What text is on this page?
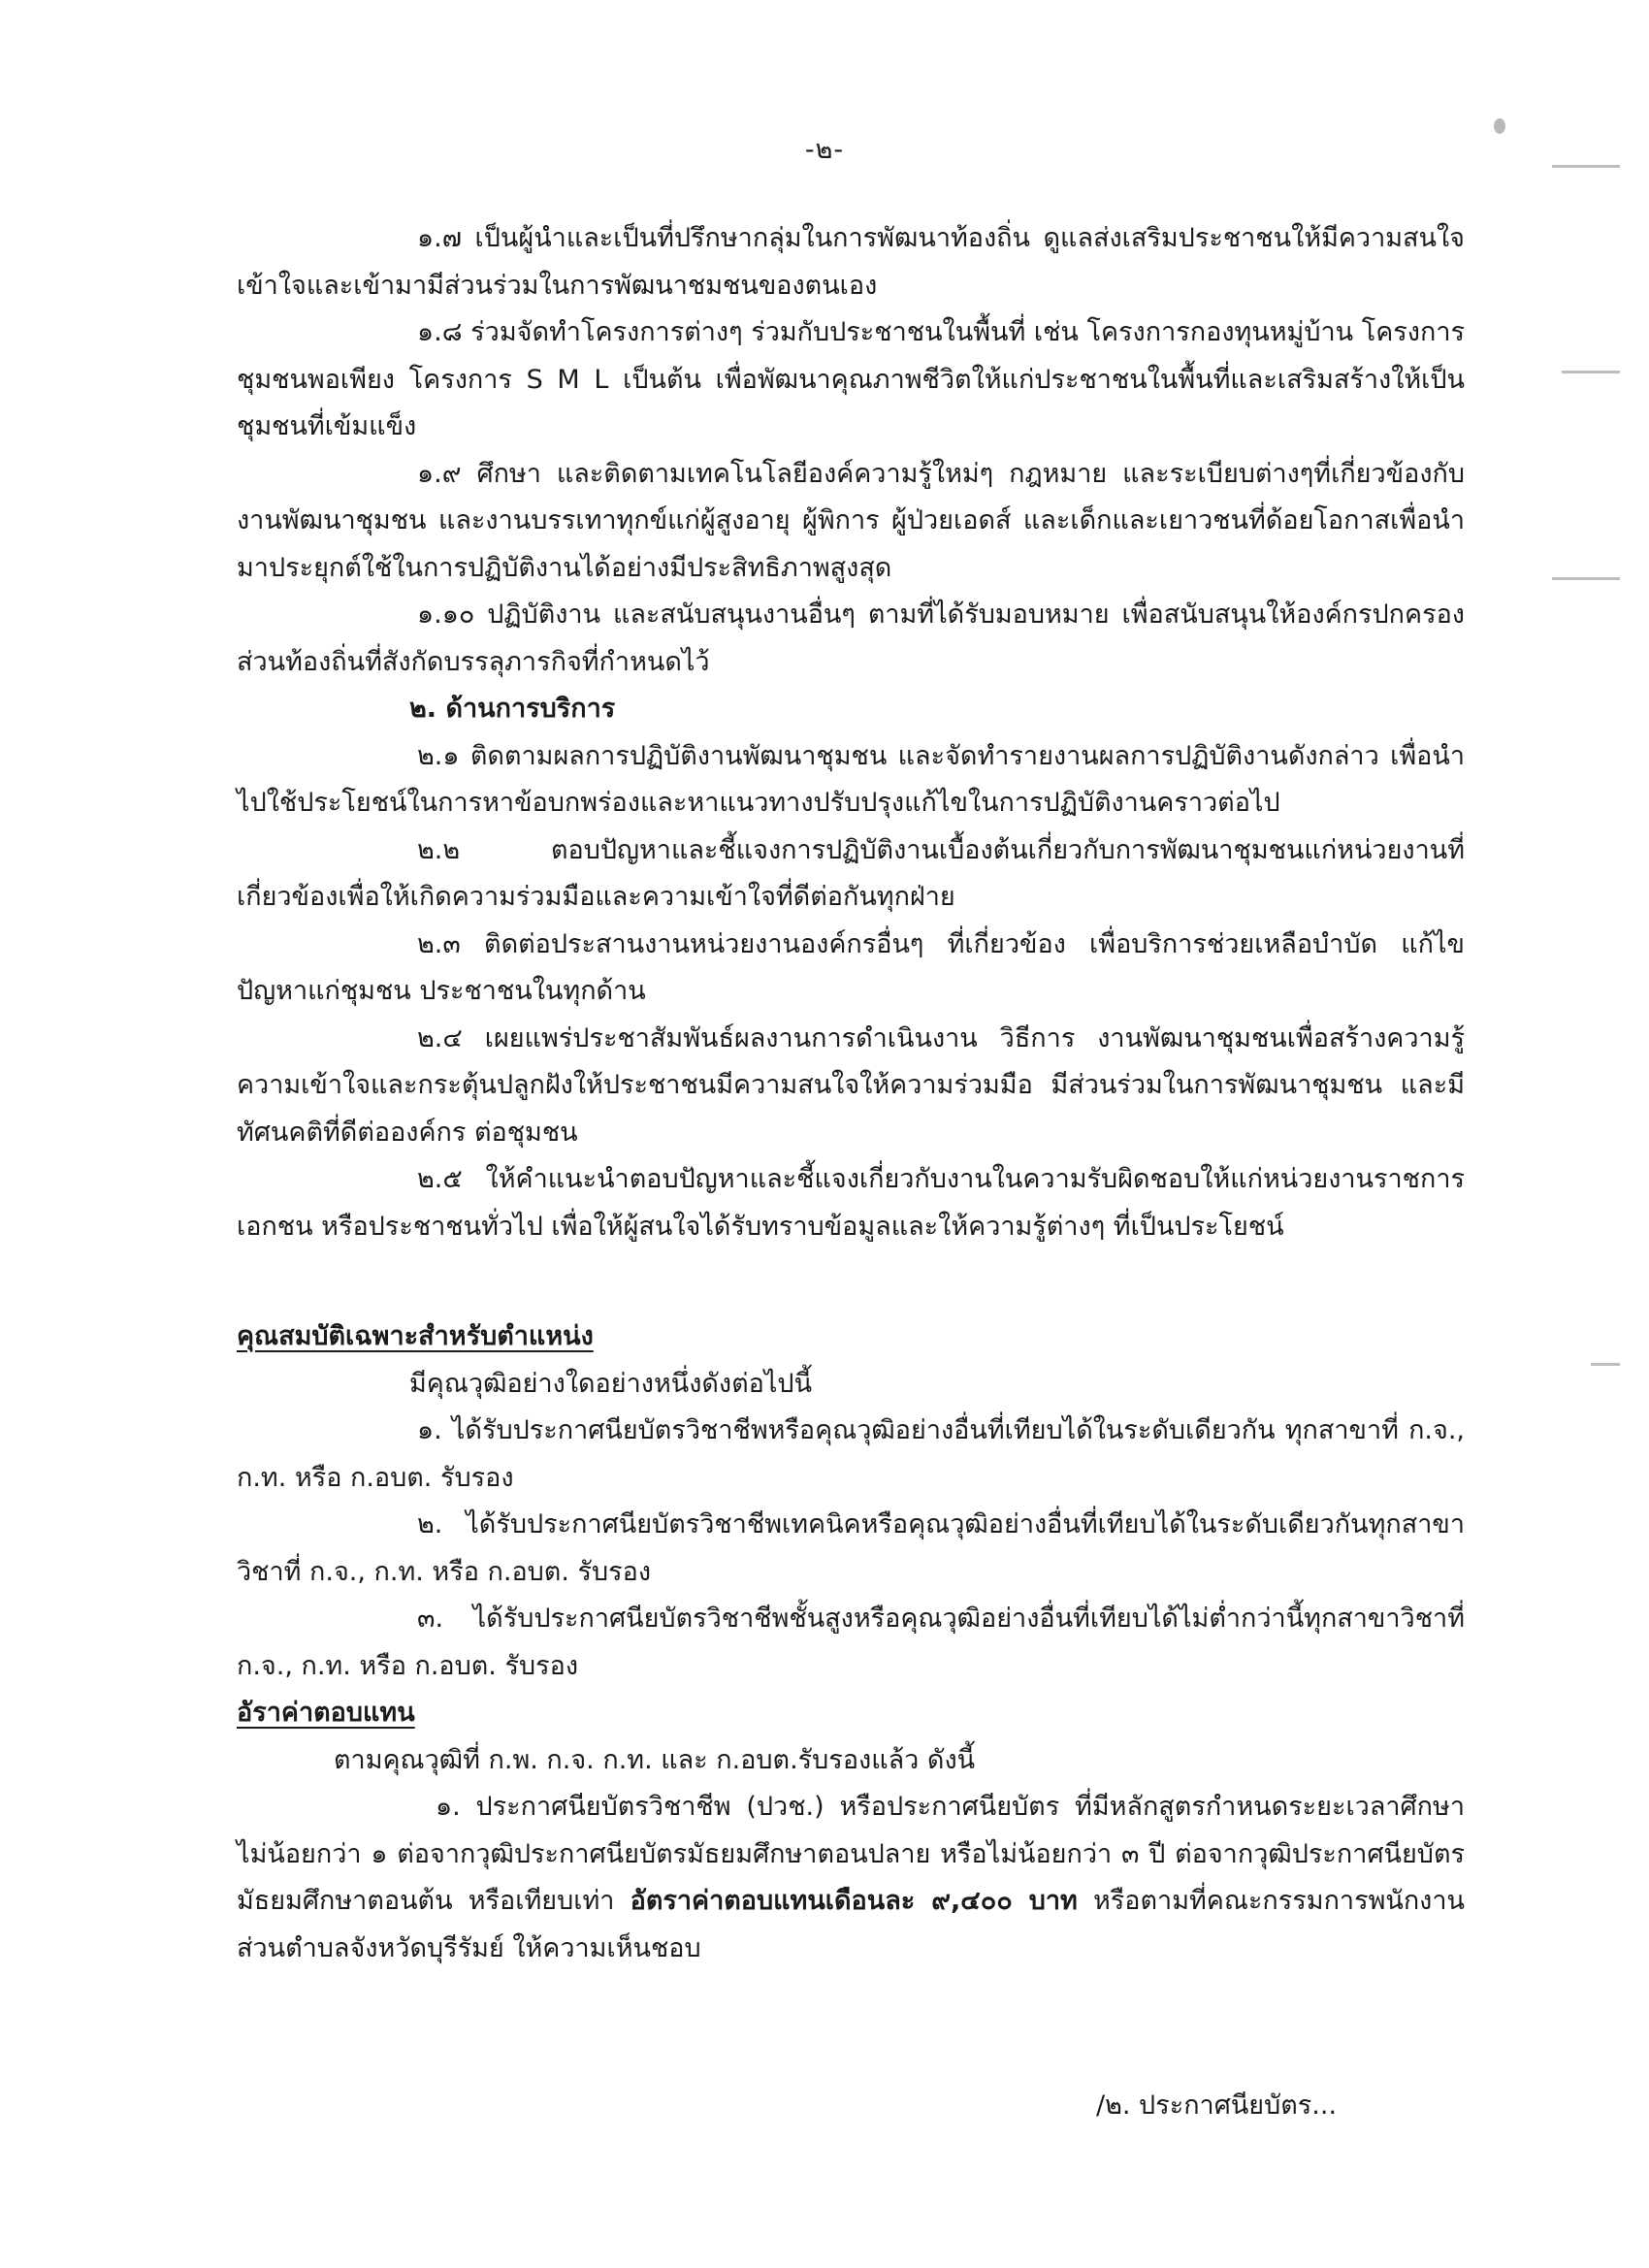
-๒-

๑.๗ เป็นผู้นำและเป็นที่ปรึกษากลุ่มในการพัฒนาท้องถิ่น ดูแลส่งเสริมประชาชนให้มีความสนใจ เข้าใจและเข้ามามีส่วนร่วมในการพัฒนาชมชนของตนเอง

๑.๘ ร่วมจัดทำโครงการต่างๆ ร่วมกับประชาชนในพื้นที่ เช่น โครงการกองทุนหมู่บ้าน โครงการชุมชนพอเพียง โครงการ S M L เป็นต้น เพื่อพัฒนาคุณภาพชีวิตให้แก่ประชาชนในพื้นที่และเสริมสร้างให้เป็นชุมชนที่เข้มแข็ง

๑.๙ ศึกษา และติดตามเทคโนโลยีองค์ความรู้ใหม่ๆ กฎหมาย และระเบียบต่างๆที่เกี่ยวข้องกับงานพัฒนาชุมชน และงานบรรเทาทุกข์แก่ผู้สูงอายุ ผู้พิการ ผู้ป่วยเอดส์ และเด็กและเยาวชนที่ด้อยโอกาสเพื่อนำมาประยุกต์ใช้ในการปฏิบัติงานได้อย่างมีประสิทธิภาพสูงสุด

๑.๑๐ ปฏิบัติงาน และสนับสนุนงานอื่นๆ ตามที่ได้รับมอบหมาย เพื่อสนับสนุนให้องค์กรปกครองส่วนท้องถิ่นที่สังกัดบรรลุภารกิจที่กำหนดไว้

๒. ด้านการบริการ

๒.๑ ติดตามผลการปฏิบัติงานพัฒนาชุมชน และจัดทำรายงานผลการปฏิบัติงานดังกล่าว เพื่อนำไปใช้ประโยชน์ในการหาข้อบกพร่องและหาแนวทางปรับปรุงแก้ไขในการปฏิบัติงานคราวต่อไป

๒.๒ ตอบปัญหาและชี้แจงการปฏิบัติงานเบื้องต้นเกี่ยวกับการพัฒนาชุมชนแก่หน่วยงานที่เกี่ยวข้องเพื่อให้เกิดความร่วมมือและความเข้าใจที่ดีต่อกันทุกฝ่าย

๒.๓ ติดต่อประสานงานหน่วยงานองค์กรอื่นๆ ที่เกี่ยวข้อง เพื่อบริการช่วยเหลือบำบัด แก้ไขปัญหาแก่ชุมชน ประชาชนในทุกด้าน

๒.๔ เผยแพร่ประชาสัมพันธ์ผลงานการดำเนินงาน วิธีการ งานพัฒนาชุมชนเพื่อสร้างความรู้ความเข้าใจและกระตุ้นปลูกฝังให้ประชาชนมีความสนใจให้ความร่วมมือ มีส่วนร่วมในการพัฒนาชุมชน และมีทัศนคติที่ดีต่อองค์กร ต่อชุมชน

๒.๕ ให้คำแนะนำตอบปัญหาและชี้แจงเกี่ยวกับงานในความรับผิดชอบให้แก่หน่วยงานราชการ เอกชน หรือประชาชนทั่วไป เพื่อให้ผู้สนใจได้รับทราบข้อมูลและให้ความรู้ต่างๆ ที่เป็นประโยชน์

คุณสมบัติเฉพาะสำหรับตำแหน่ง

มีคุณวุฒิอย่างใดอย่างหนึ่งดังต่อไปนี้

๑. ได้รับประกาศนียบัตรวิชาชีพหรือคุณวุฒิอย่างอื่นที่เทียบได้ในระดับเดียวกัน ทุกสาขาที่ ก.จ., ก.ท. หรือ ก.อบต. รับรอง

๒. ได้รับประกาศนียบัตรวิชาชีพเทคนิคหรือคุณวุฒิอย่างอื่นที่เทียบได้ในระดับเดียวกันทุกสาขาวิชาที่ ก.จ., ก.ท. หรือ ก.อบต. รับรอง

๓. ได้รับประกาศนียบัตรวิชาชีพชั้นสูงหรือคุณวุฒิอย่างอื่นที่เทียบได้ไม่ต่ำกว่านี้ทุกสาขาวิชาที่ ก.จ., ก.ท. หรือ ก.อบต. รับรอง

อัราค่าตอบแทน

ตามคุณวุฒิที่ ก.พ. ก.จ. ก.ท. และ ก.อบต.รับรองแล้ว ดังนี้

๑. ประกาศนียบัตรวิชาชีพ (ปวช.) หรือประกาศนียบัตร ที่มีหลักสูตรกำหนดระยะเวลาศึกษาไม่น้อยกว่า ๑ ต่อจากวุฒิประกาศนียบัตรมัธยมศึกษาตอนปลาย หรือไม่น้อยกว่า ๓ ปี ต่อจากวุฒิประกาศนียบัตรมัธยมศึกษาตอนต้น หรือเทียบเท่า อัตราค่าตอบแทนเดือนละ ๙,๔๐๐ บาท หรือตามที่คณะกรรมการพนักงานส่วนตำบลจังหวัดบุรีรัมย์ ให้ความเห็นชอบ

/๒. ประกาศนียบัตร...
